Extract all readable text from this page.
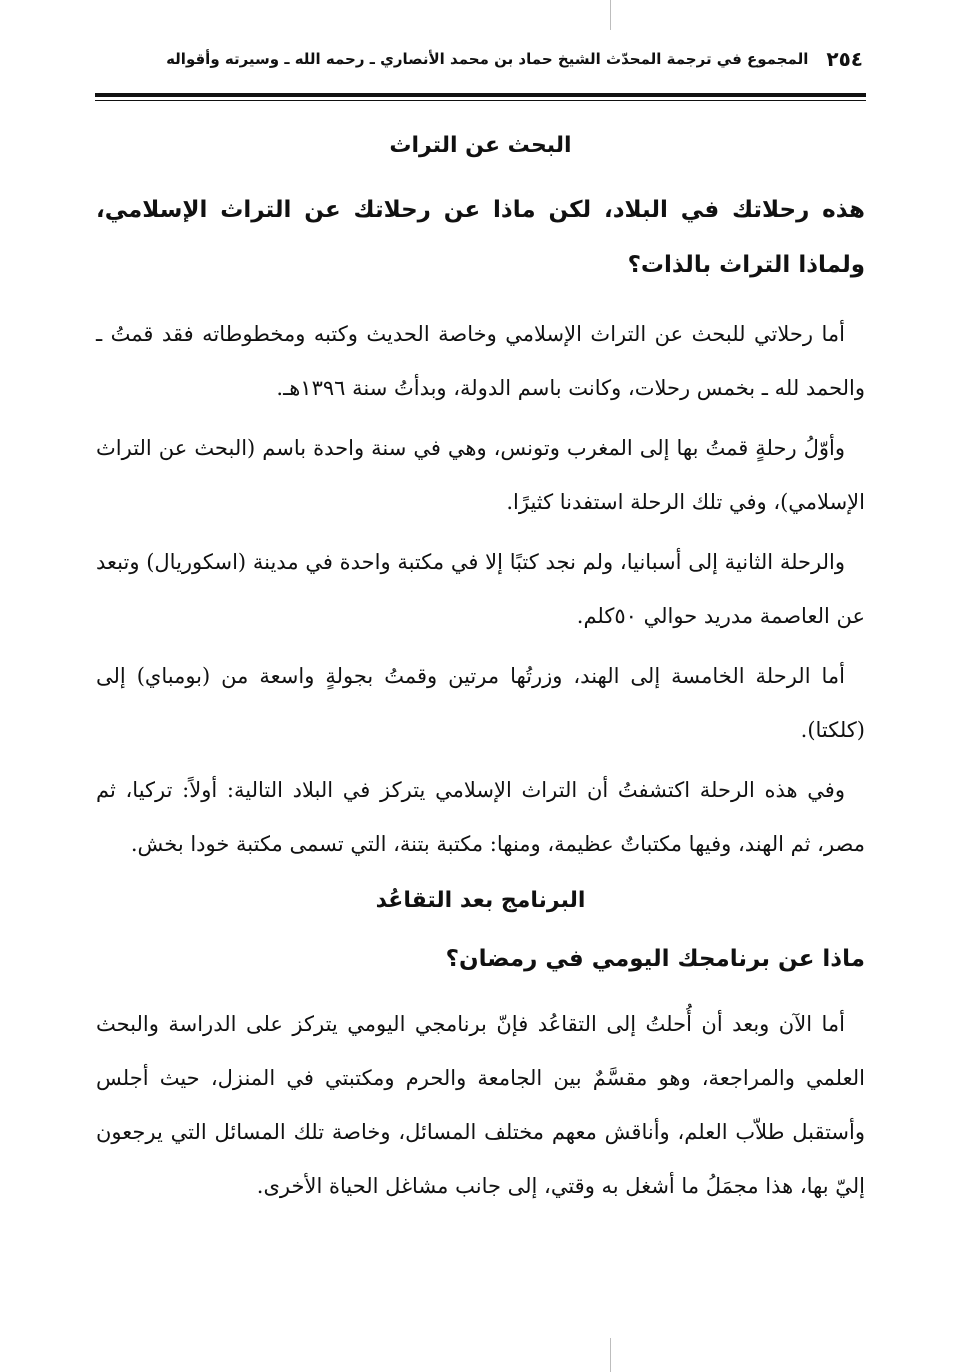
٢٥٤
المجموع في ترجمة المحدّث الشيخ حماد بن محمد الأنصاري ـ رحمه الله ـ وسيرته وأقواله
البحث عن التراث

هذه رحلاتك في البلاد، لكن ماذا عن رحلاتك عن التراث الإسلامي، ولماذا التراث بالذات؟

أما رحلاتي للبحث عن التراث الإسلامي وخاصة الحديث وكتبه ومخطوطاته فقد قمتُ ـ والحمد لله ـ بخمس رحلات، وكانت باسم الدولة، وبدأتُ سنة ١٣٩٦هـ.

وأوّلُ رحلةٍ قمتُ بها إلى المغرب وتونس، وهي في سنة واحدة باسم (البحث عن التراث الإسلامي)، وفي تلك الرحلة استفدنا كثيرًا.

والرحلة الثانية إلى أسبانيا، ولم نجد كتبًا إلا في مكتبة واحدة في مدينة (اسكوريال) وتبعد عن العاصمة مدريد حوالي ٥٠كلم.

أما الرحلة الخامسة إلى الهند، وزرتُها مرتين وقمتُ بجولةٍ واسعة من (بومباي) إلى (كلكتا).

وفي هذه الرحلة اكتشفتُ أن التراث الإسلامي يتركز في البلاد التالية: أولاً: تركيا، ثم مصر، ثم الهند، وفيها مكتباتٌ عظيمة، ومنها: مكتبة بتنة، التي تسمى مكتبة خودا بخش.

البرنامج بعد التقاعُد

ماذا عن برنامجك اليومي في رمضان؟

أما الآن وبعد أن أُحلتُ إلى التقاعُد فإنّ برنامجي اليومي يتركز على الدراسة والبحث العلمي والمراجعة، وهو مقسَّمٌ بين الجامعة والحرم ومكتبتي في المنزل، حيث أجلس وأستقبل طلاّب العلم، وأناقش معهم مختلف المسائل، وخاصة تلك المسائل التي يرجعون إليّ بها، هذا مجمَلُ ما أشغل به وقتي، إلى جانب مشاغل الحياة الأخرى.
